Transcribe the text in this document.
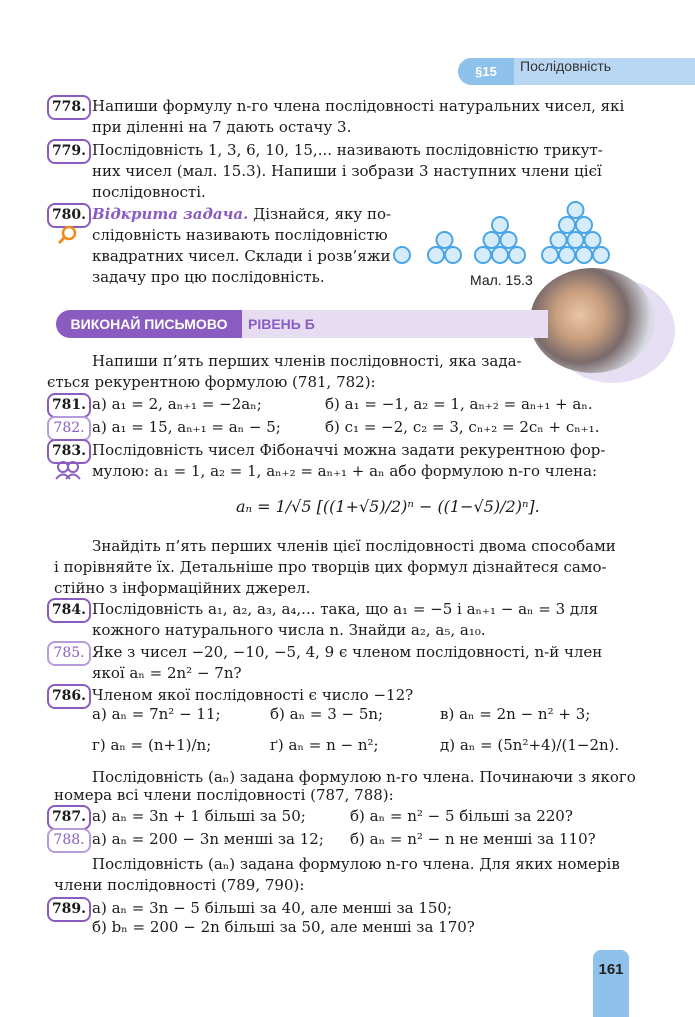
§15	Послідовність
778. Напиши формулу n-го члена послідовності натуральних чисел, які
при діленні на 7 дають остачу 3.
779. Послідовність 1, 3, 6, 10, 15,... називають послідовністю трикут-
них чисел (мал. 15.3). Напиши і зобрази 3 наступних члени цієї
послідовності.
780. Відкрита задача. Дізнайся, яку по-
слідовність називають послідовністю
квадратних чисел. Склади і розв’яжи
задачу про цю послідовність.	Мал. 15.3
ВИКОНАЙ ПИСЬМОВО	РІВЕНЬ Б
Напиши п’ять перших членів послідовності, яка зада-
ється рекурентною формулою (781, 782):
781. а) a₁ = 2, aₙ₊₁ = −2aₙ;	б) a₁ = −1, a₂ = 1, aₙ₊₂ = aₙ₊₁ + aₙ.
782. а) a₁ = 15, aₙ₊₁ = aₙ − 5;	б) c₁ = −2, c₂ = 3, cₙ₊₂ = 2cₙ + cₙ₊₁.
783. Послідовність чисел Фібоначчі можна задати рекурентною фор-
мулою: a₁ = 1, a₂ = 1, aₙ₊₂ = aₙ₊₁ + aₙ або формулою n-го члена:
aₙ = 1/√5 [((1+√5)/2)ⁿ − ((1−√5)/2)ⁿ].
Знайдіть п’ять перших членів цієї послідовності двома способами
і порівняйте їх. Детальніше про творців цих формул дізнайтеся само-
стійно з інформаційних джерел.
784. Послідовність a₁, a₂, a₃, a₄,... така, що a₁ = −5 і aₙ₊₁ − aₙ = 3 для
кожного натурального числа n. Знайди a₂, a₅, a₁₀.
785. Яке з чисел −20, −10, −5, 4, 9 є членом послідовності, n-й член
якої aₙ = 2n² − 7n?
786. Членом якої послідовності є число −12?
а) aₙ = 7n² − 11;	б) aₙ = 3 − 5n;	в) aₙ = 2n − n² + 3;
г) aₙ = (n+1)/n;	ґ) aₙ = n − n²;	д) aₙ = (5n²+4)/(1−2n).
Послідовність (aₙ) задана формулою n-го члена. Починаючи з якого
номера всі члени послідовності (787, 788):
787. а) aₙ = 3n + 1 більші за 50;	б) aₙ = n² − 5 більші за 220?
788. а) aₙ = 200 − 3n менші за 12; б) aₙ = n² − n не менші за 110?
Послідовність (aₙ) задана формулою n-го члена. Для яких номерів
члени послідовності (789, 790):
789. а) aₙ = 3n − 5 більші за 40, але менші за 150;
б) bₙ = 200 − 2n більші за 50, але менші за 170?
161
